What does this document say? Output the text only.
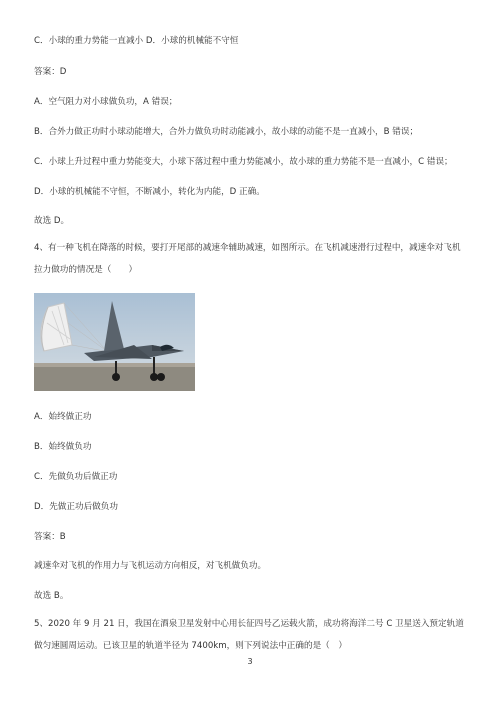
C．小球的重力势能一直减小 D．小球的机械能不守恒
答案：D
A．空气阻力对小球做负功，A 错误；
B．合外力做正功时小球动能增大，合外力做负功时动能减小，故小球的动能不是一直减小，B 错误；
C．小球上升过程中重力势能变大，小球下落过程中重力势能减小，故小球的重力势能不是一直减小，C 错误；
D．小球的机械能不守恒，不断减小，转化为内能，D 正确。
故选 D。
4、有一种飞机在降落的时候，要打开尾部的减速伞辅助减速，如图所示。在飞机减速滑行过程中，减速伞对飞机拉力做功的情况是（　　）
A．始终做正功
B．始终做负功
C．先做负功后做正功
D．先做正功后做负功
答案：B
减速伞对飞机的作用力与飞机运动方向相反，对飞机做负功。
故选 B。
5、2020 年 9 月 21 日，我国在酒泉卫星发射中心用长征四号乙运载火箭，成功将海洋二号 C 卫星送入预定轨道做匀速圆周运动。已该卫星的轨道半径为 7400km，则下列说法中正确的是（　）
3
